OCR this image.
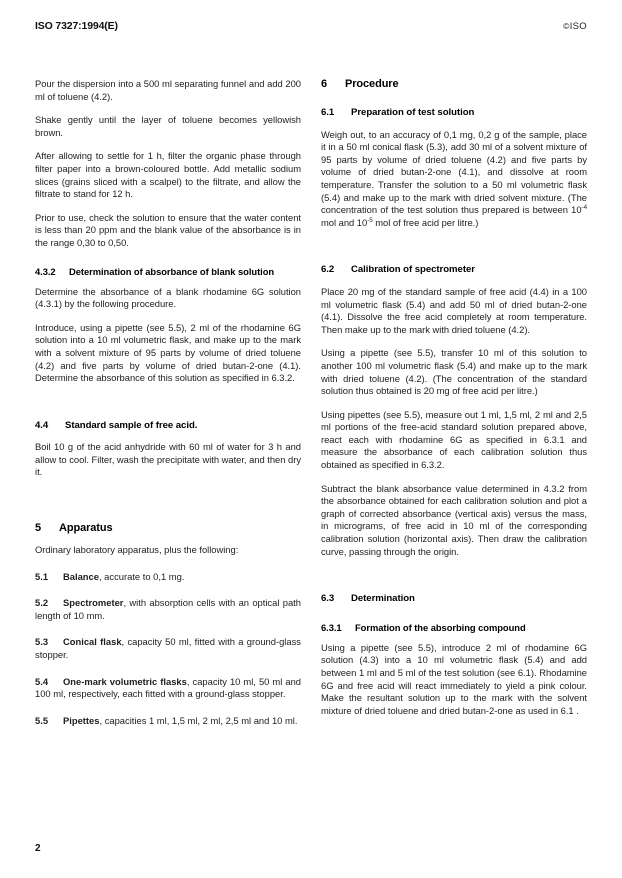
ISO 7327:1994(E)	©ISO

Pour the dispersion into a 500 ml separating funnel and add 200 ml of toluene (4.2).

Shake gently until the layer of toluene becomes yellowish brown.

After allowing to settle for 1 h, filter the organic phase through filter paper into a brown-coloured bottle. Add metallic sodium slices (grains sliced with a scalpel) to the filtrate, and allow the filtrate to stand for 12 h.

Prior to use, check the solution to ensure that the water content is less than 20 ppm and the blank value of the absorbance is in the range 0,30 to 0,50.

4.3.2 Determination of absorbance of blank solution

Determine the absorbance of a blank rhodamine 6G solution (4.3.1) by the following procedure.

Introduce, using a pipette (see 5.5), 2 ml of the rhodamine 6G solution into a 10 ml volumetric flask, and make up to the mark with a solvent mixture of 95 parts by volume of dried toluene (4.2) and five parts by volume of dried butan-2-one (4.1). Determine the absorbance of this solution as specified in 6.3.2.

4.4 Standard sample of free acid.

Boil 10 g of the acid anhydride with 60 ml of water for 3 h and allow to cool. Filter, wash the precipitate with water, and then dry it.

5 Apparatus

Ordinary laboratory apparatus, plus the following:

5.1 Balance, accurate to 0,1 mg.

5.2 Spectrometer, with absorption cells with an optical path length of 10 mm.

5.3 Conical flask, capacity 50 ml, fitted with a ground-glass stopper.

5.4 One-mark volumetric flasks, capacity 10 ml, 50 ml and 100 ml, respectively, each fitted with a ground-glass stopper.

5.5 Pipettes, capacities 1 ml, 1,5 ml, 2 ml, 2,5 ml and 10 ml.

6 Procedure
6.1 Preparation of test solution

Weigh out, to an accuracy of 0,1 mg, 0,2 g of the sample, place it in a 50 ml conical flask (5.3), add 30 ml of a solvent mixture of 95 parts by volume of dried toluene (4.2) and five parts by volume of dried butan-2-one (4.1), and dissolve at room temperature. Transfer the solution to a 50 ml volumetric flask (5.4) and make up to the mark with dried solvent mixture. (The concentration of the test solution thus prepared is between $10^{-4}$ mol and $10^{-5}$ mol of free acid per litre.)

6.2 Calibration of spectrometer

Place 20 mg of the standard sample of free acid (4.4) in a 100 ml volumetric flask (5.4) and add 50 ml of dried butan-2-one (4.1). Dissolve the free acid completely at room temperature. Then make up to the mark with dried toluene (4.2).

Using a pipette (see 5.5), transfer 10 ml of this solution to another 100 ml volumetric flask (5.4) and make up to the mark with dried toluene (4.2). (The concentration of the standard solution thus obtained is 20 mg of free acid per litre.)

Using pipettes (see 5.5), measure out 1 ml, 1,5 ml, 2 ml and 2,5 ml portions of the free-acid standard solution prepared above, react each with rhodamine 6G as specified in 6.3.1 and measure the absorbance of each calibration solution thus obtained as specified in 6.3.2.

Subtract the blank absorbance value determined in 4.3.2 from the absorbance obtained for each calibration solution and plot a graph of corrected absorbance (vertical axis) versus the mass, in micrograms, of free acid in 10 ml of the corresponding calibration solution (horizontal axis). Then draw the calibration curve, passing through the origin.

6.3 Determination
6.3.1 Formation of the absorbing compound

Using a pipette (see 5.5), introduce 2 ml of rhodamine 6G solution (4.3) into a 10 ml volumetric flask (5.4) and add between 1 ml and 5 ml of the test solution (see 6.1). Rhodamine 6G and free acid will react immediately to yield a pink colour. Make the resultant solution up to the mark with the solvent mixture of dried toluene and dried butan-2-one as used in 6.1 .

2
